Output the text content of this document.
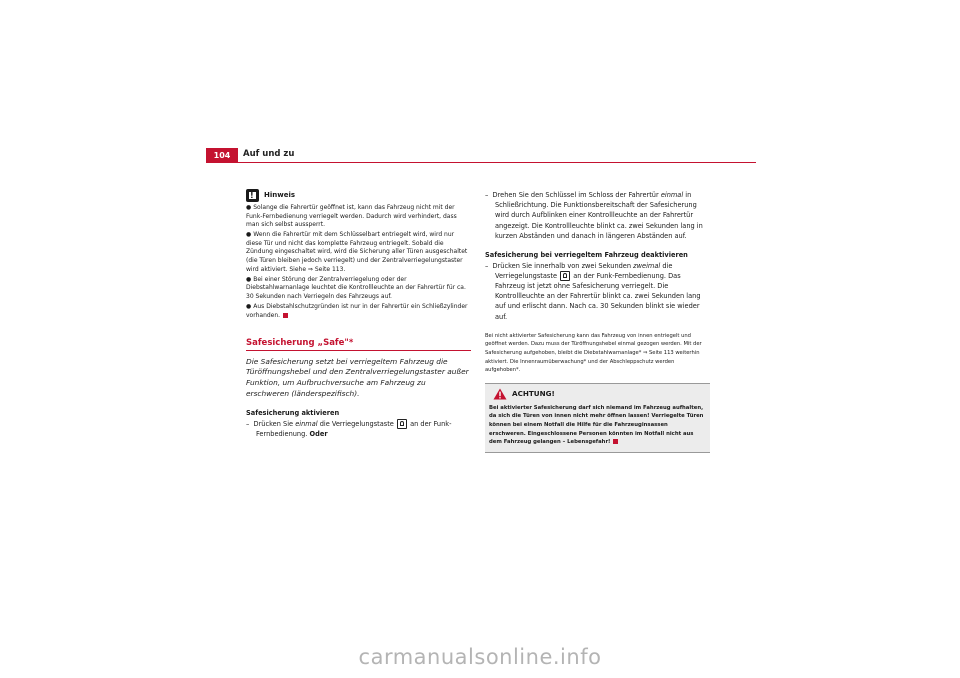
104	Auf und zu
!
Hinweis

● Solange die Fahrertür geöffnet ist, kann das Fahrzeug nicht mit der Funk-Fernbedienung verriegelt werden. Dadurch wird verhindert, dass man sich selbst aussperrt.

● Wenn die Fahrertür mit dem Schlüsselbart entriegelt wird, wird nur diese Tür und nicht das komplette Fahrzeug entriegelt. Sobald die Zündung eingeschaltet wird, wird die Sicherung aller Türen ausgeschaltet (die Türen bleiben jedoch verriegelt) und der Zentralverriegelungstaster wird aktiviert. Siehe ⇒ Seite 113.

● Bei einer Störung der Zentralverriegelung oder der Diebstahlwarnanlage leuchtet die Kontrollleuchte an der Fahrertür für ca. 30 Sekunden nach Verriegeln des Fahrzeugs auf.

● Aus Diebstahlschutzgründen ist nur in der Fahrertür ein Schließzylinder vorhanden.

Safesicherung „Safe"*
Die Safesicherung setzt bei verriegeltem Fahrzeug die Türöffnungshebel und den Zentralverriegelungstaster außer Funktion, um Aufbruchversuche am Fahrzeug zu erschweren (länderspezifisch).
Safesicherung aktivieren
– Drücken Sie einmal die Verriegelungstaste an der Funk-Fernbedienung. Oder
– Drehen Sie den Schlüssel im Schloss der Fahrertür einmal in Schließrichtung. Die Funktionsbereitschaft der Safesicherung wird durch Aufblinken einer Kontrollleuchte an der Fahrertür angezeigt. Die Kontrollleuchte blinkt ca. zwei Sekunden lang in kurzen Abständen und danach in längeren Abständen auf.
Safesicherung bei verriegeltem Fahrzeug deaktivieren
– Drücken Sie innerhalb von zwei Sekunden zweimal die Verriegelungstaste an der Funk-Fernbedienung. Das Fahrzeug ist jetzt ohne Safesicherung verriegelt. Die Kontrollleuchte an der Fahrertür blinkt ca. zwei Sekunden lang auf und erlischt dann. Nach ca. 30 Sekunden blinkt sie wieder auf.
Bei nicht aktivierter Safesicherung kann das Fahrzeug von innen entriegelt und geöffnet werden. Dazu muss der Türöffnungshebel einmal gezogen werden. Mit der Safesicherung aufgehoben, bleibt die Diebstahlwarnanlage* ⇒ Seite 113 weiterhin aktiviert. Die Innenraumüberwachung* und der Abschleppschutz werden aufgehoben*.
ACHTUNG!
Bei aktivierter Safesicherung darf sich niemand im Fahrzeug aufhalten, da sich die Türen von innen nicht mehr öffnen lassen! Verriegelte Türen können bei einem Notfall die Hilfe für die Fahrzeuginsassen erschweren. Eingeschlossene Personen könnten im Notfall nicht aus dem Fahrzeug gelangen – Lebensgefahr!
carmanualsonline.info
